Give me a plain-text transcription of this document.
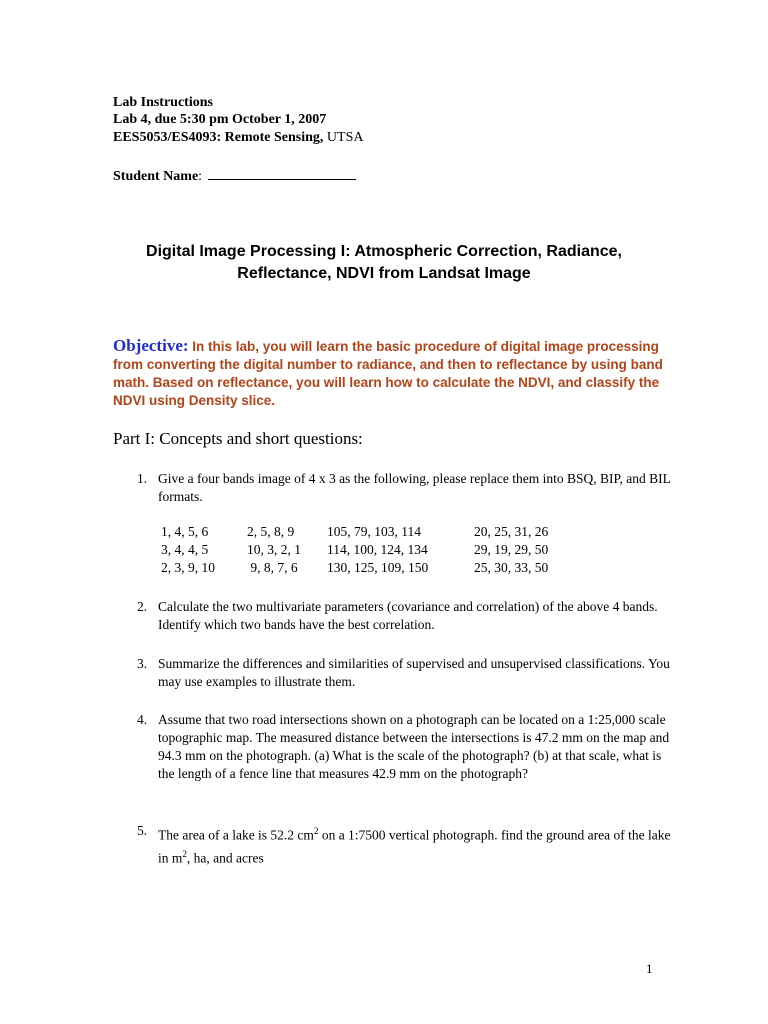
Lab Instructions
Lab 4, due 5:30 pm October 1, 2007
EES5053/ES4093: Remote Sensing, UTSA
Student Name:
Digital Image Processing I: Atmospheric Correction, Radiance,
Reflectance, NDVI from Landsat Image
Objective: In this lab, you will learn the basic procedure of digital image processing from converting the digital number to radiance, and then to reflectance by using band math. Based on reflectance, you will learn how to calculate the NDVI, and classify the NDVI using Density slice.
Part I: Concepts and short questions:
1. Give a four bands image of 4 x 3 as the following, please replace them into BSQ, BIP, and BIL formats.
1, 4, 5, 6	2, 5, 8, 9	105, 79, 103, 114	20, 25, 31, 26
3, 4, 4, 5	10, 3, 2, 1	114, 100, 124, 134	29, 19, 29, 50
2, 3, 9, 10	9, 8, 7, 6	130, 125, 109, 150	25, 30, 33, 50
2. Calculate the two multivariate parameters (covariance and correlation) of the above 4 bands. Identify which two bands have the best correlation.
3. Summarize the differences and similarities of supervised and unsupervised classifications. You may use examples to illustrate them.
4. Assume that two road intersections shown on a photograph can be located on a 1:25,000 scale topographic map. The measured distance between the intersections is 47.2 mm on the map and 94.3 mm on the photograph. (a) What is the scale of the photograph? (b) at that scale, what is the length of a fence line that measures 42.9 mm on the photograph?
5. The area of a lake is 52.2 $cm^2$ on a 1:7500 vertical photograph. find the ground area of the lake in $m^2$, ha, and acres
1
